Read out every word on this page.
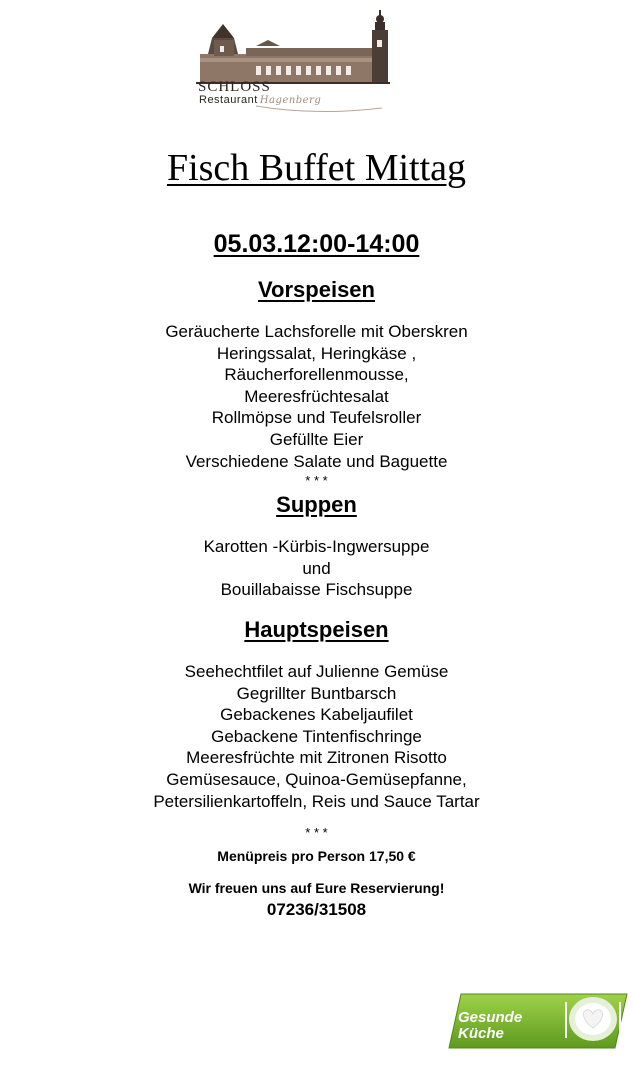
SCHLOSS
Restaurant Hagenberg
Fisch Buffet Mittag
05.03.12:00-14:00
Vorspeisen
Geräucherte Lachsforelle mit Oberskren
Heringssalat, Heringkäse ,
Räucherforellenmousse,
Meeresfrüchtesalat
Rollmöpse und Teufelsroller
Gefüllte Eier
Verschiedene Salate und Baguette
* * *
Suppen
Karotten -Kürbis-Ingwersuppe
und
Bouillabaisse Fischsuppe
Hauptspeisen
Seehechtfilet auf Julienne Gemüse
Gegrillter Buntbarsch
Gebackenes Kabeljaufilet
Gebackene Tintenfischringe
Meeresfrüchte mit Zitronen Risotto
Gemüsesauce, Quinoa-Gemüsepfanne,
Petersilienkartoffeln, Reis und Sauce Tartar
* * *
Menüpreis pro Person 17,50 €
Wir freuen uns auf Eure Reservierung!
07236/31508
Gesunde
Küche
